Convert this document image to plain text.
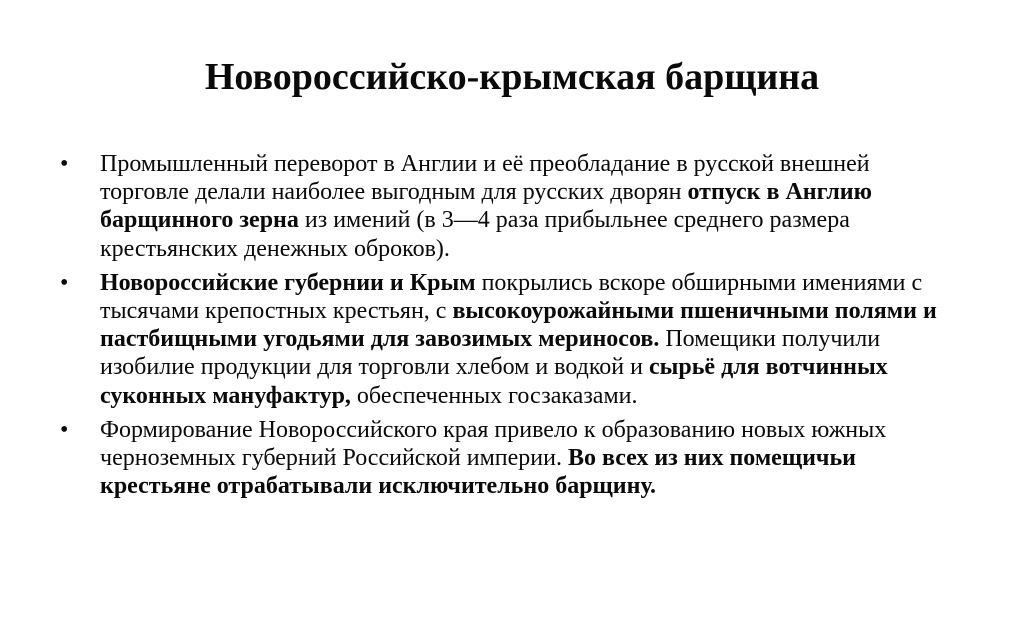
Новороссийско-крымская барщина
• Промышленный переворот в Англии и её преобладание в русской внешней торговле делали наиболее выгодным для русских дворян отпуск в Англию барщинного зерна из имений (в 3—4 раза прибыльнее среднего размера крестьянских денежных оброков).
• Новороссийские губернии и Крым покрылись вскоре обширными имениями с тысячами крепостных крестьян, с высокоурожайными пшеничными полями и пастбищными угодьями для завозимых мериносов. Помещики получили изобилие продукции для торговли хлебом и водкой и сырьё для вотчинных суконных мануфактур, обеспеченных госзаказами.
• Формирование Новороссийского края привело к образованию новых южных черноземных губерний Российской империи. Во всех из них помещичьи крестьяне отрабатывали исключительно барщину.
